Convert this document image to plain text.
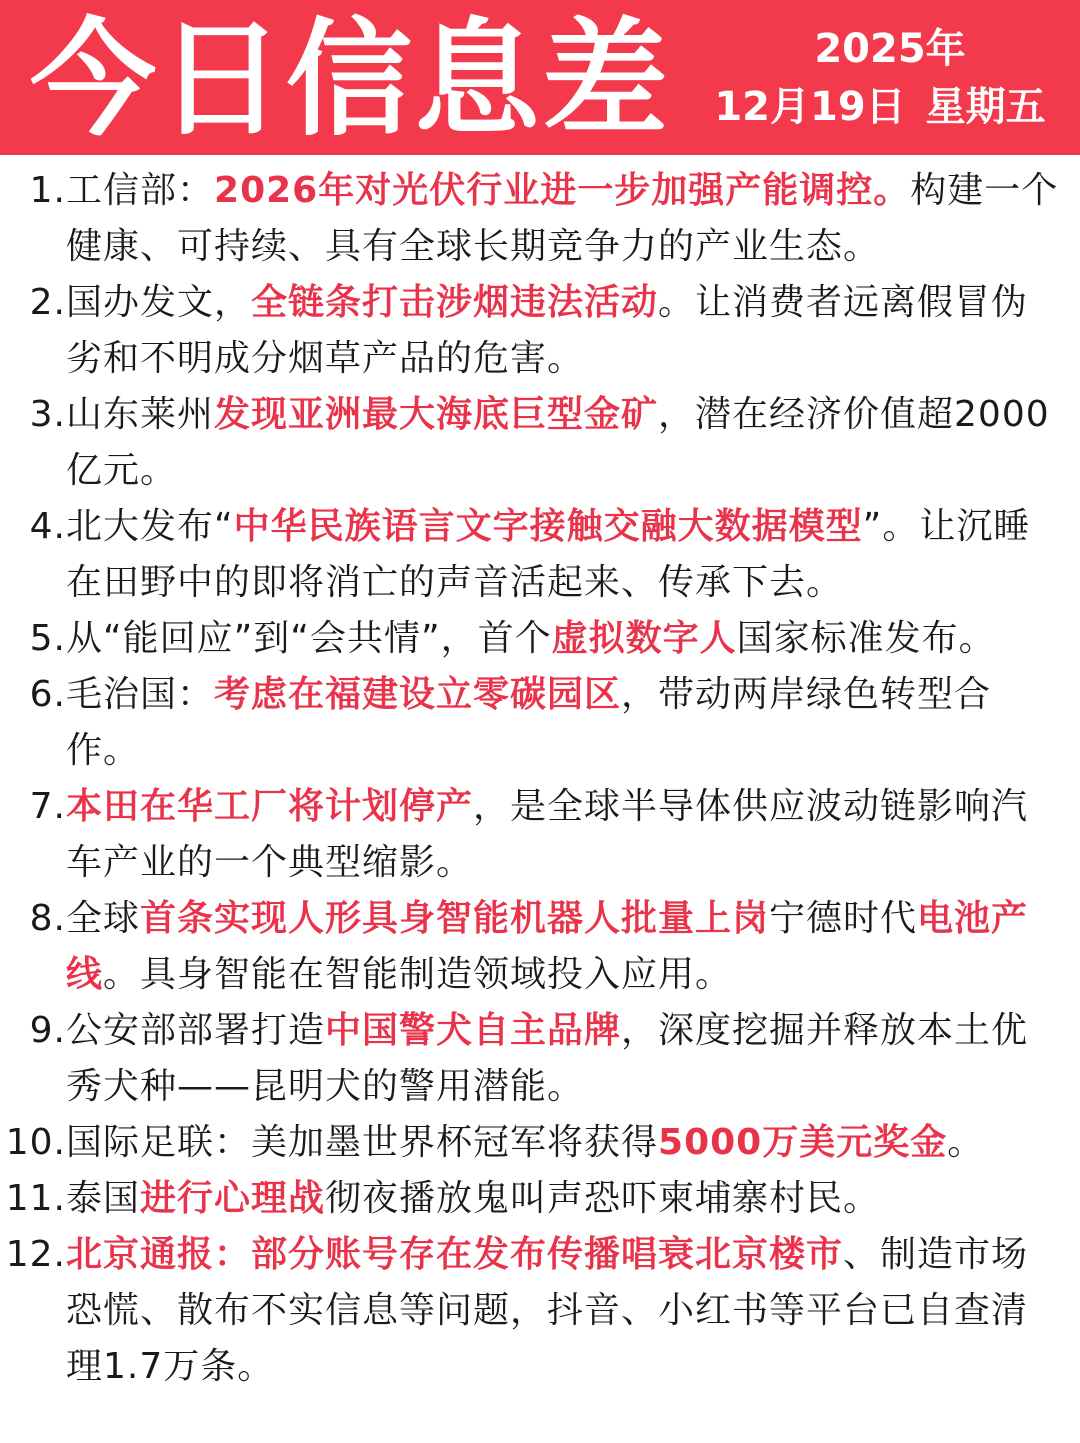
今日信息差	2025年
12月19日 星期五
1. 工信部：2026年对光伏行业进一步加强产能调控。构建一个健康、可持续、具有全球长期竞争力的产业生态。
2. 国办发文，全链条打击涉烟违法活动。让消费者远离假冒伪劣和不明成分烟草产品的危害。
3. 山东莱州发现亚洲最大海底巨型金矿，潜在经济价值超2000亿元。
4. 北大发布“中华民族语言文字接触交融大数据模型”。让沉睡在田野中的即将消亡的声音活起来、传承下去。
5. 从“能回应”到“会共情”，首个虚拟数字人国家标准发布。
6. 毛治国：考虑在福建设立零碳园区，带动两岸绿色转型合作。
7. 本田在华工厂将计划停产，是全球半导体供应波动链影响汽车产业的一个典型缩影。
8. 全球首条实现人形具身智能机器人批量上岗宁德时代电池产线。具身智能在智能制造领域投入应用。
9. 公安部部署打造中国警犬自主品牌，深度挖掘并释放本土优秀犬种——昆明犬的警用潜能。
10. 国际足联：美加墨世界杯冠军将获得5000万美元奖金。
11. 泰国进行心理战彻夜播放鬼叫声恐吓柬埔寨村民。
12. 北京通报：部分账号存在发布传播唱衰北京楼市、制造市场恐慌、散布不实信息等问题，抖音、小红书等平台已自查清理1.7万条。
